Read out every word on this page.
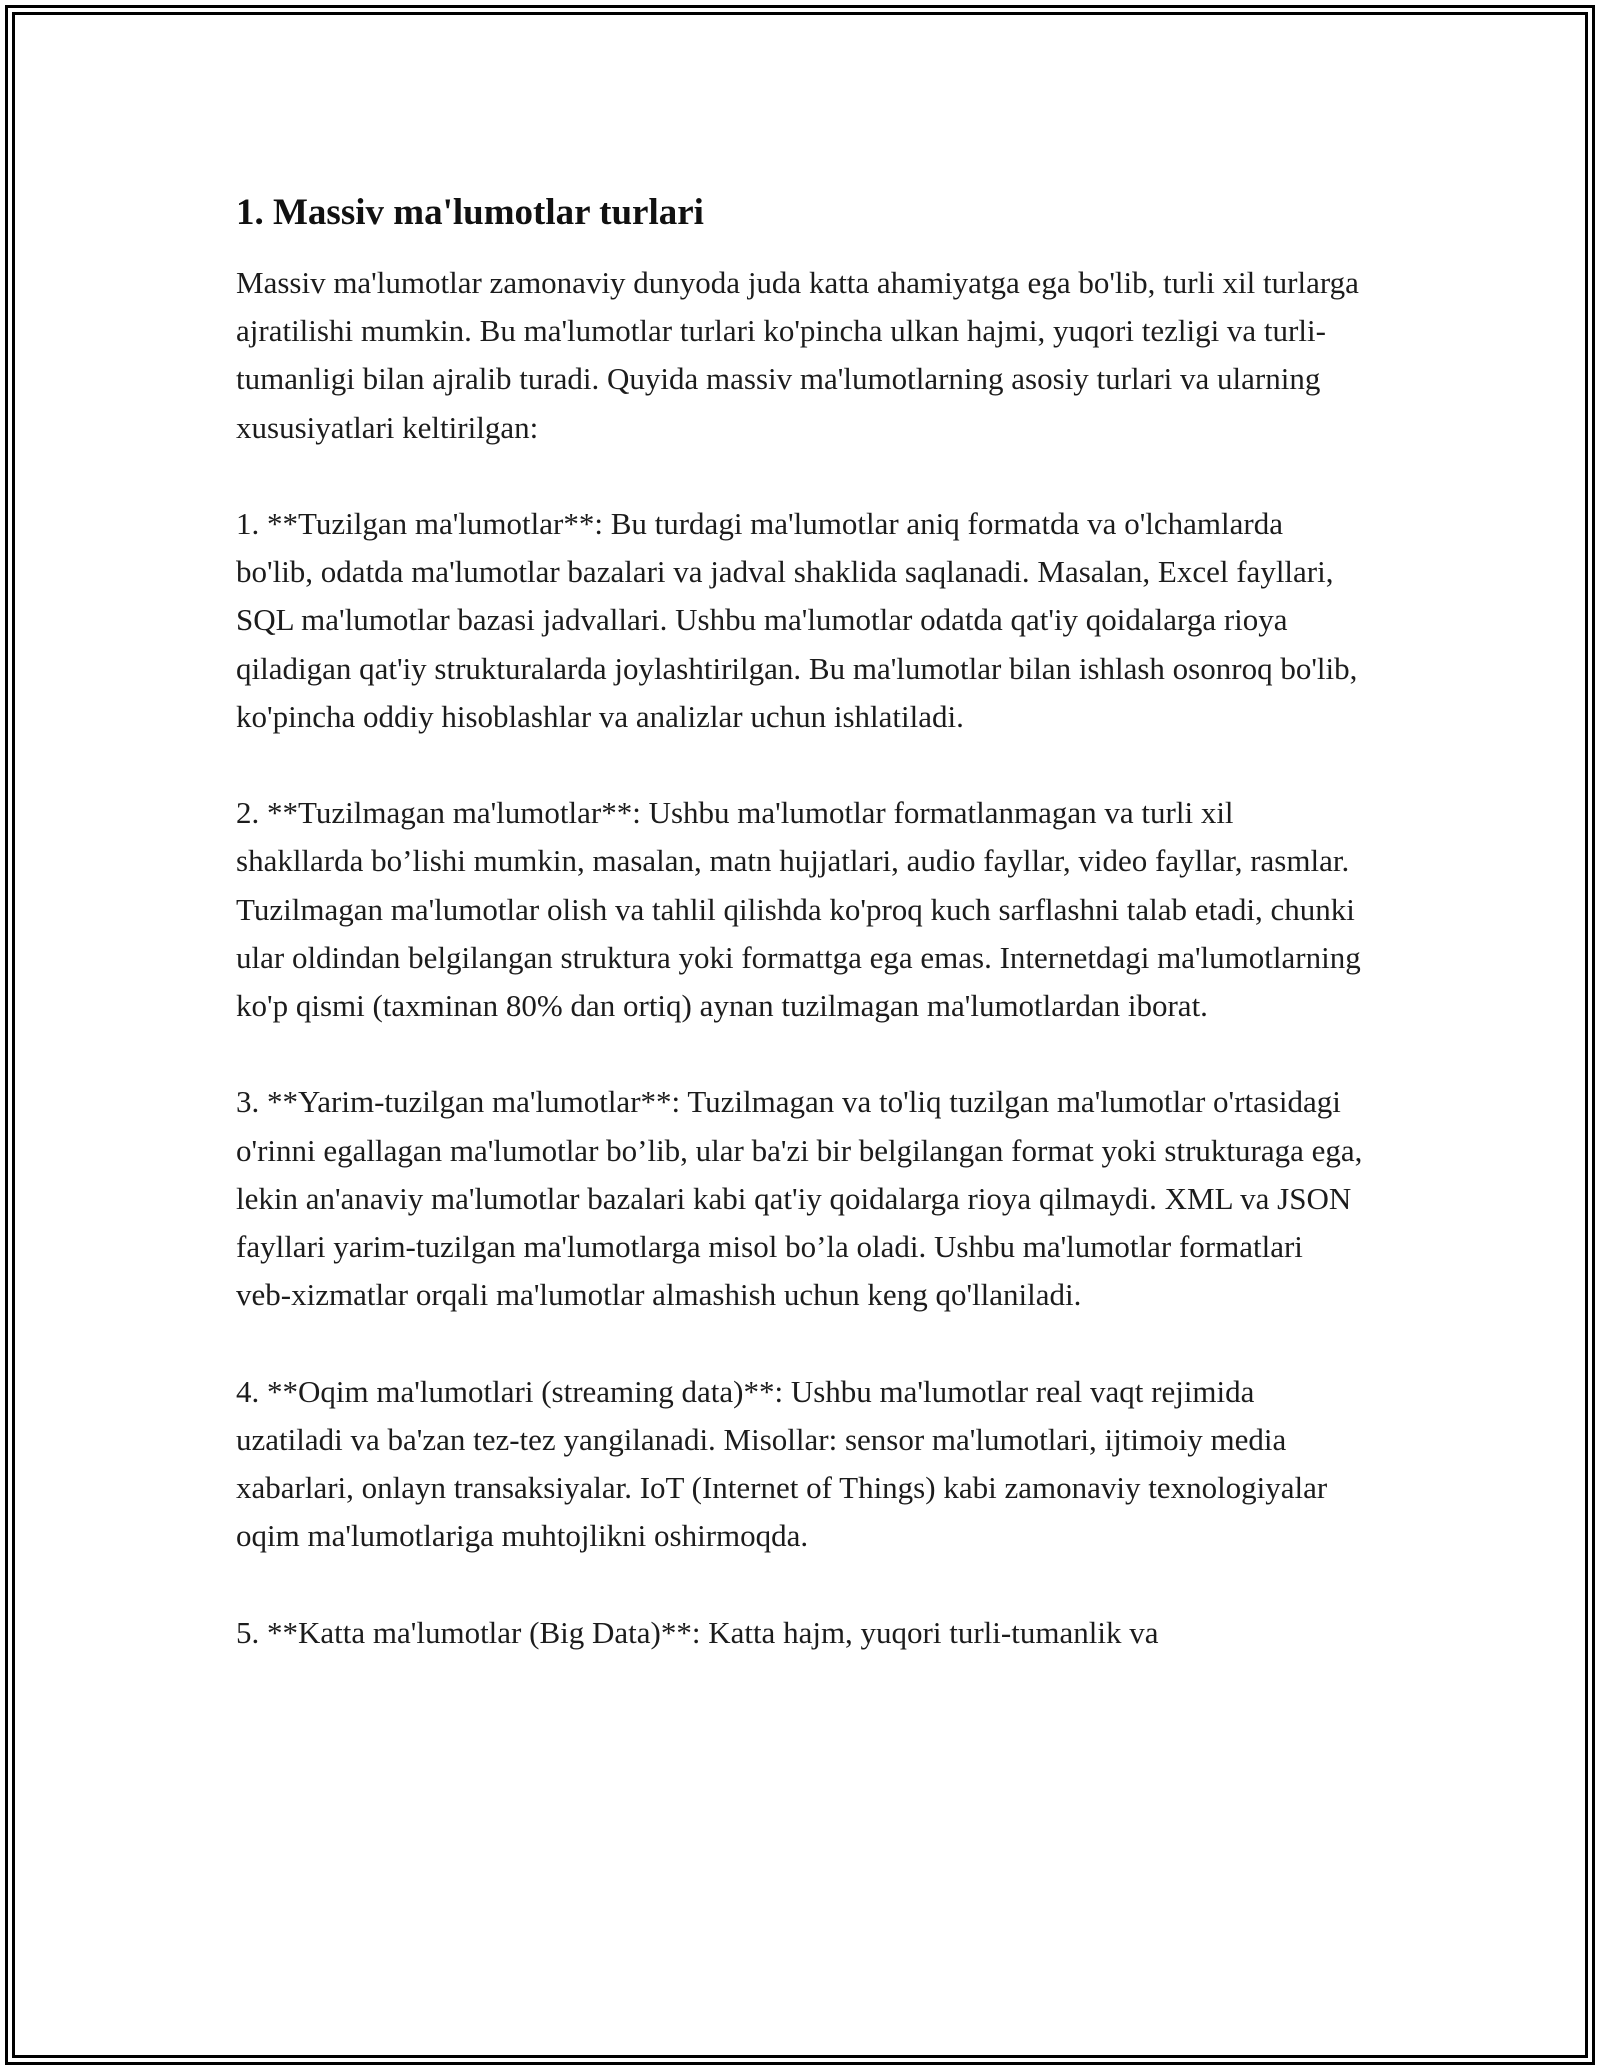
1. Massiv ma'lumotlar turlari

Massiv ma'lumotlar zamonaviy dunyoda juda katta ahamiyatga ega bo'lib, turli xil turlarga ajratilishi mumkin. Bu ma'lumotlar turlari ko'pincha ulkan hajmi, yuqori tezligi va turli-tumanligi bilan ajralib turadi. Quyida massiv ma'lumotlarning asosiy turlari va ularning xususiyatlari keltirilgan:

1. **Tuzilgan ma'lumotlar**: Bu turdagi ma'lumotlar aniq formatda va o'lchamlarda bo'lib, odatda ma'lumotlar bazalari va jadval shaklida saqlanadi. Masalan, Excel fayllari, SQL ma'lumotlar bazasi jadvallari. Ushbu ma'lumotlar odatda qat'iy qoidalarga rioya qiladigan qat'iy strukturalarda joylashtirilgan. Bu ma'lumotlar bilan ishlash osonroq bo'lib, ko'pincha oddiy hisoblashlar va analizlar uchun ishlatiladi.

2. **Tuzilmagan ma'lumotlar**: Ushbu ma'lumotlar formatlanmagan va turli xil shakllarda bo’lishi mumkin, masalan, matn hujjatlari, audio fayllar, video fayllar, rasmlar. Tuzilmagan ma'lumotlar olish va tahlil qilishda ko'proq kuch sarflashni talab etadi, chunki ular oldindan belgilangan struktura yoki formattga ega emas. Internetdagi ma'lumotlarning ko'p qismi (taxminan 80% dan ortiq) aynan tuzilmagan ma'lumotlardan iborat.

3. **Yarim-tuzilgan ma'lumotlar**: Tuzilmagan va to'liq tuzilgan ma'lumotlar o'rtasidagi o'rinni egallagan ma'lumotlar bo’lib, ular ba'zi bir belgilangan format yoki strukturaga ega, lekin an'anaviy ma'lumotlar bazalari kabi qat'iy qoidalarga rioya qilmaydi. XML va JSON fayllari yarim-tuzilgan ma'lumotlarga misol bo’la oladi. Ushbu ma'lumotlar formatlari veb-xizmatlar orqali ma'lumotlar almashish uchun keng qo'llaniladi.

4. **Oqim ma'lumotlari (streaming data)**: Ushbu ma'lumotlar real vaqt rejimida uzatiladi va ba'zan tez-tez yangilanadi. Misollar: sensor ma'lumotlari, ijtimoiy media xabarlari, onlayn transaksiyalar. IoT (Internet of Things) kabi zamonaviy texnologiyalar oqim ma'lumotlariga muhtojlikni oshirmoqda.

5. **Katta ma'lumotlar (Big Data)**: Katta hajm, yuqori turli-tumanlik va
